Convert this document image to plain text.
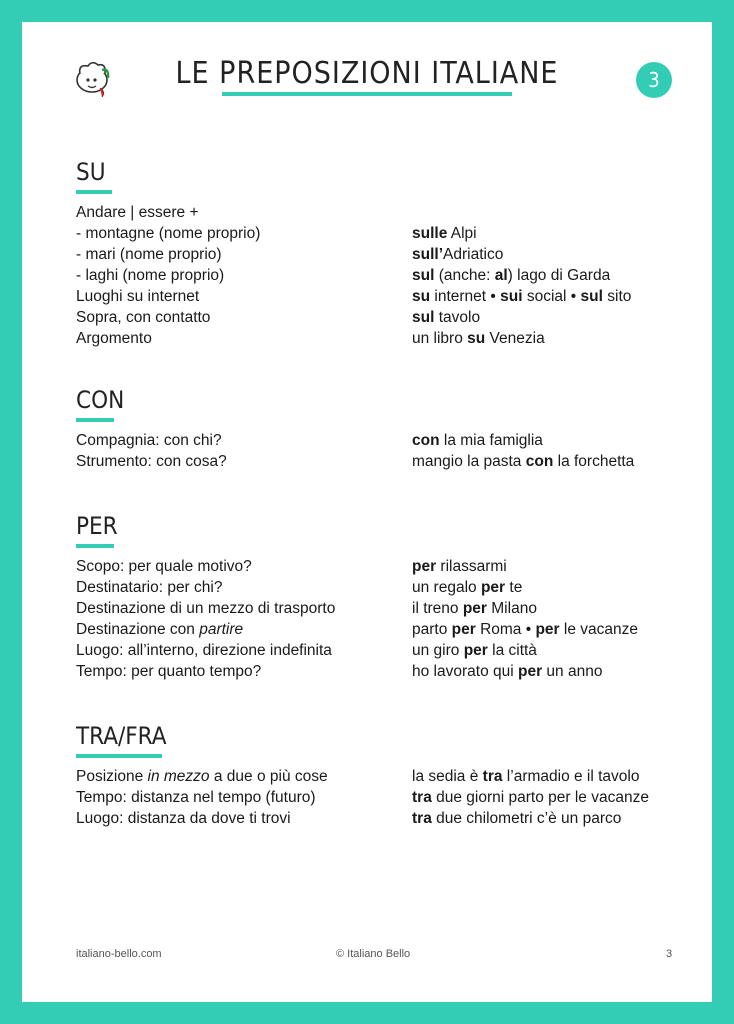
LE PREPOSIZIONI ITALIANE	3
SU
Andare | essere +
- montagne (nome proprio)	sulle Alpi
- mari (nome proprio)	sull’Adriatico
- laghi (nome proprio)	sul (anche: al) lago di Garda
Luoghi su internet	su internet • sui social • sul sito
Sopra, con contatto	sul tavolo
Argomento	un libro su Venezia
CON
Compagnia: con chi?	con la mia famiglia
Strumento: con cosa?	mangio la pasta con la forchetta
PER
Scopo: per quale motivo?	per rilassarmi
Destinatario: per chi?	un regalo per te
Destinazione di un mezzo di trasporto	il treno per Milano
Destinazione con partire	parto per Roma • per le vacanze
Luogo: all’interno, direzione indefinita	un giro per la città
Tempo: per quanto tempo?	ho lavorato qui per un anno
TRA/FRA
Posizione in mezzo a due o più cose	la sedia è tra l’armadio e il tavolo
Tempo: distanza nel tempo (futuro)	tra due giorni parto per le vacanze
Luogo: distanza da dove ti trovi	tra due chilometri c’è un parco
italiano-bello.com	© Italiano Bello	3
